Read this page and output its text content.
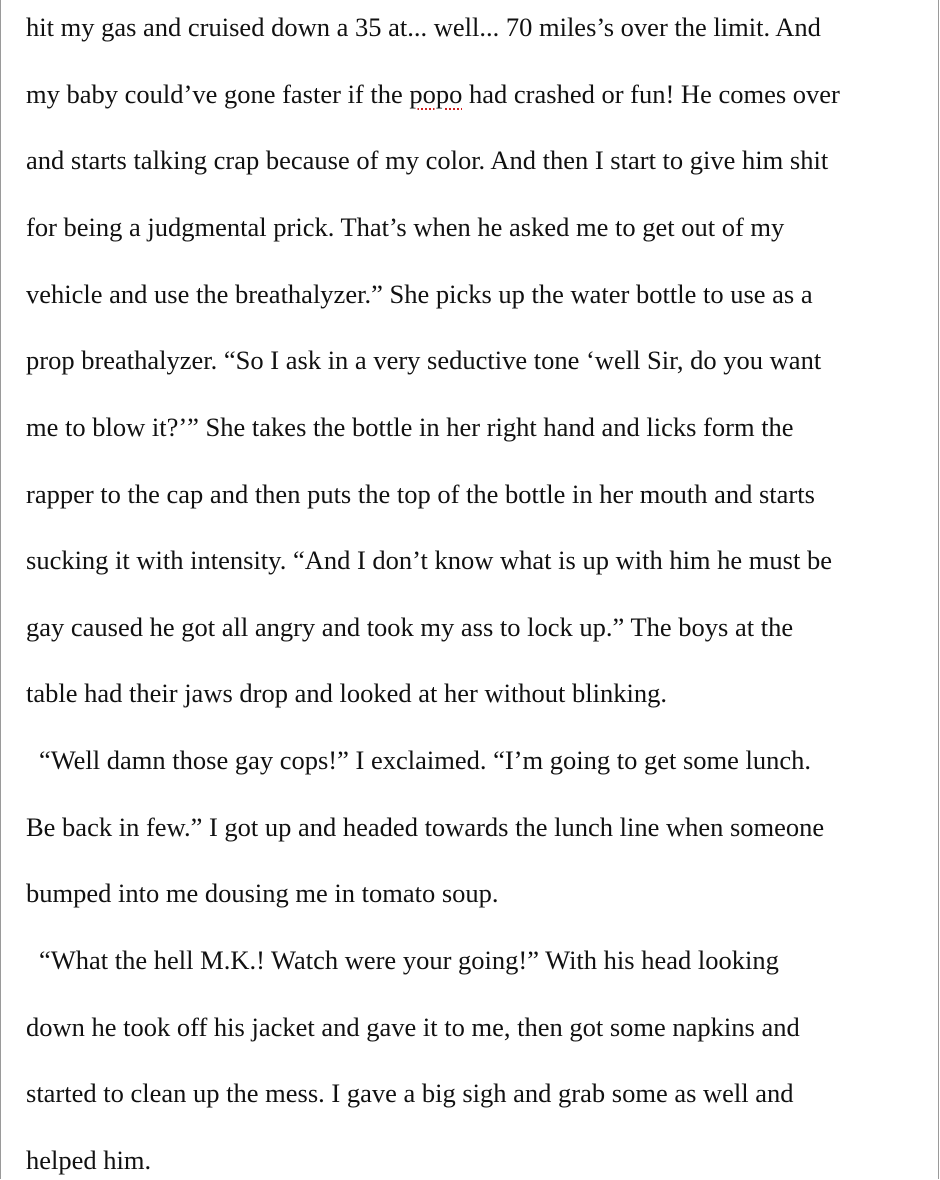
hit my gas and cruised down a 35 at... well... 70 miles’s over the limit. And
my baby could’ve gone faster if the popo had crashed or fun! He comes over
and starts talking crap because of my color. And then I start to give him shit
for being a judgmental prick. That’s when he asked me to get out of my
vehicle and use the breathalyzer.” She picks up the water bottle to use as a
prop breathalyzer. “So I ask in a very seductive tone ‘well Sir, do you want
me to blow it?’” She takes the bottle in her right hand and licks form the
rapper to the cap and then puts the top of the bottle in her mouth and starts
sucking it with intensity. “And I don’t know what is up with him he must be
gay caused he got all angry and took my ass to lock up.” The boys at the
table had their jaws drop and looked at her without blinking.
“Well damn those gay cops!” I exclaimed. “I’m going to get some lunch.
Be back in few.” I got up and headed towards the lunch line when someone
bumped into me dousing me in tomato soup.
“What the hell M.K.! Watch were your going!” With his head looking
down he took off his jacket and gave it to me, then got some napkins and
started to clean up the mess. I gave a big sigh and grab some as well and
helped him.
